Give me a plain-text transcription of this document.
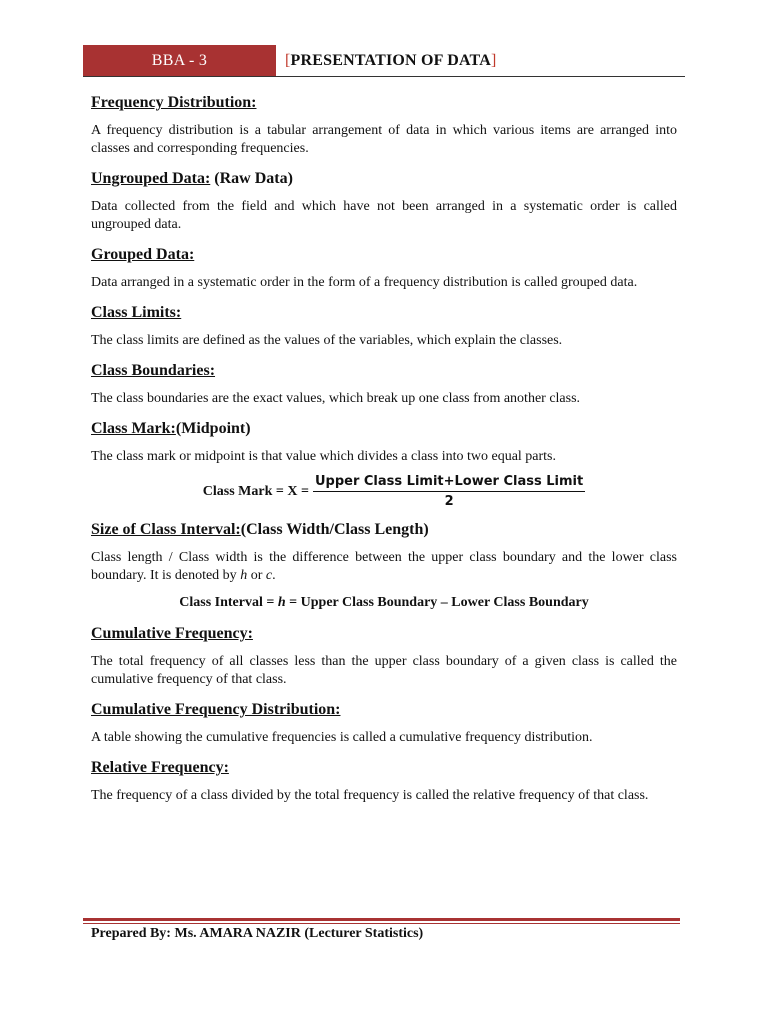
BBA - 3	[ PRESENTATION OF DATA ]

Frequency Distribution:

A frequency distribution is a tabular arrangement of data in which various items are arranged into classes and corresponding frequencies.

Ungrouped Data: (Raw Data)

Data collected from the field and which have not been arranged in a systematic order is called ungrouped data.

Grouped Data:

Data arranged in a systematic order in the form of a frequency distribution is called grouped data.

Class Limits:

The class limits are defined as the values of the variables, which explain the classes.

Class Boundaries:

The class boundaries are the exact values, which break up one class from another class.

Class Mark:(Midpoint)

The class mark or midpoint is that value which divides a class into two equal parts.

Class Mark = $X = \frac{\text{Upper Class Limit+Lower Class Limit}}{2}$

Size of Class Interval:(Class Width/Class Length)

Class length / Class width is the difference between the upper class boundary and the lower class boundary. It is denoted by h or c.

Class Interval = h = Upper Class Boundary – Lower Class Boundary

Cumulative Frequency:

The total frequency of all classes less than the upper class boundary of a given class is called the cumulative frequency of that class.

Cumulative Frequency Distribution:

A table showing the cumulative frequencies is called a cumulative frequency distribution.

Relative Frequency:

The frequency of a class divided by the total frequency is called the relative frequency of that class.

Prepared By: Ms. AMARA NAZIR (Lecturer Statistics)
